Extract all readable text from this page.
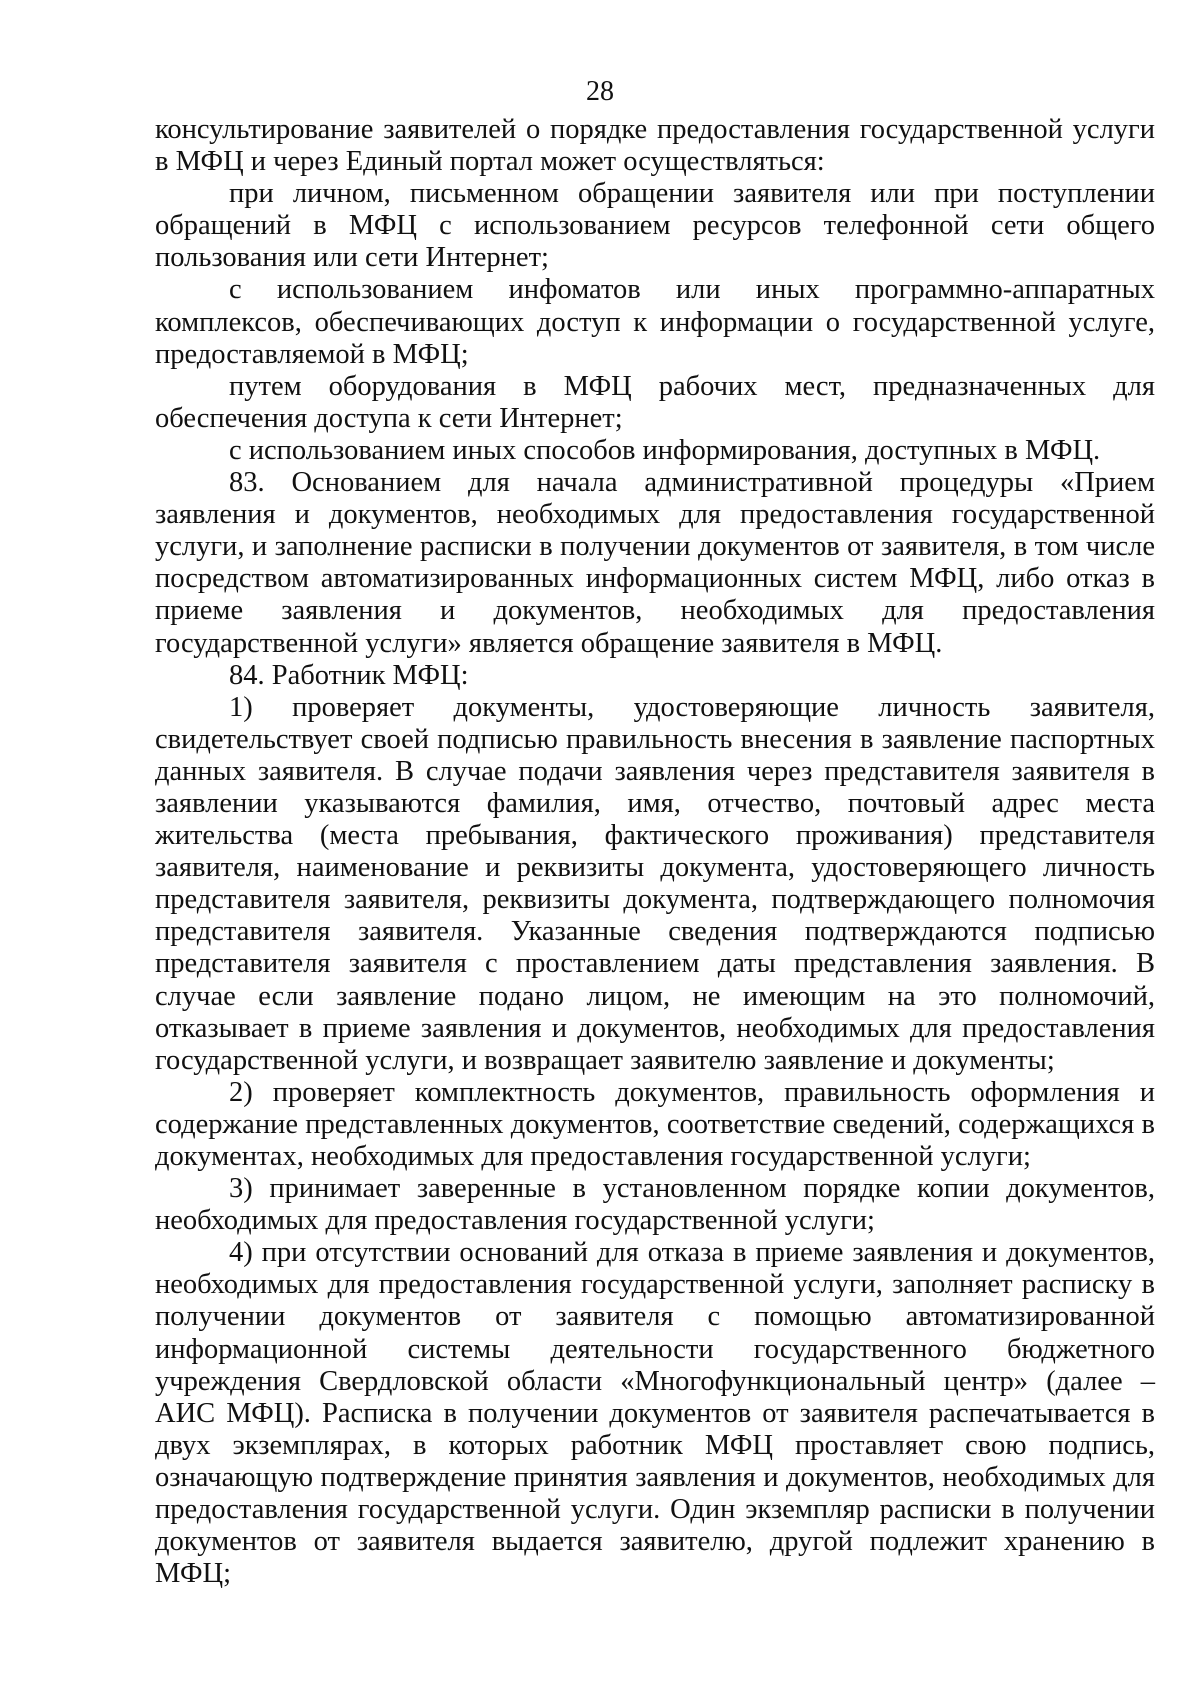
28

консультирование заявителей о порядке предоставления государственной услуги в МФЦ и через Единый портал может осуществляться:

при личном, письменном обращении заявителя или при поступлении обращений в МФЦ с использованием ресурсов телефонной сети общего пользования или сети Интернет;

с использованием инфоматов или иных программно-аппаратных комплексов, обеспечивающих доступ к информации о государственной услуге, предоставляемой в МФЦ;

путем оборудования в МФЦ рабочих мест, предназначенных для обеспечения доступа к сети Интернет;

с использованием иных способов информирования, доступных в МФЦ.

83. Основанием для начала административной процедуры «Прием заявления и документов, необходимых для предоставления государственной услуги, и заполнение расписки в получении документов от заявителя, в том числе посредством автоматизированных информационных систем МФЦ, либо отказ в приеме заявления и документов, необходимых для предоставления государственной услуги» является обращение заявителя в МФЦ.

84. Работник МФЦ:

1) проверяет документы, удостоверяющие личность заявителя, свидетельствует своей подписью правильность внесения в заявление паспортных данных заявителя. В случае подачи заявления через представителя заявителя в заявлении указываются фамилия, имя, отчество, почтовый адрес места жительства (места пребывания, фактического проживания) представителя заявителя, наименование и реквизиты документа, удостоверяющего личность представителя заявителя, реквизиты документа, подтверждающего полномочия представителя заявителя. Указанные сведения подтверждаются подписью представителя заявителя с проставлением даты представления заявления. В случае если заявление подано лицом, не имеющим на это полномочий, отказывает в приеме заявления и документов, необходимых для предоставления государственной услуги, и возвращает заявителю заявление и документы;

2) проверяет комплектность документов, правильность оформления и содержание представленных документов, соответствие сведений, содержащихся в документах, необходимых для предоставления государственной услуги;

3) принимает заверенные в установленном порядке копии документов, необходимых для предоставления государственной услуги;

4) при отсутствии оснований для отказа в приеме заявления и документов, необходимых для предоставления государственной услуги, заполняет расписку в получении документов от заявителя с помощью автоматизированной информационной системы деятельности государственного бюджетного учреждения Свердловской области «Многофункциональный центр» (далее – АИС МФЦ). Расписка в получении документов от заявителя распечатывается в двух экземплярах, в которых работник МФЦ проставляет свою подпись, означающую подтверждение принятия заявления и документов, необходимых для предоставления государственной услуги. Один экземпляр расписки в получении документов от заявителя выдается заявителю, другой подлежит хранению в МФЦ;
